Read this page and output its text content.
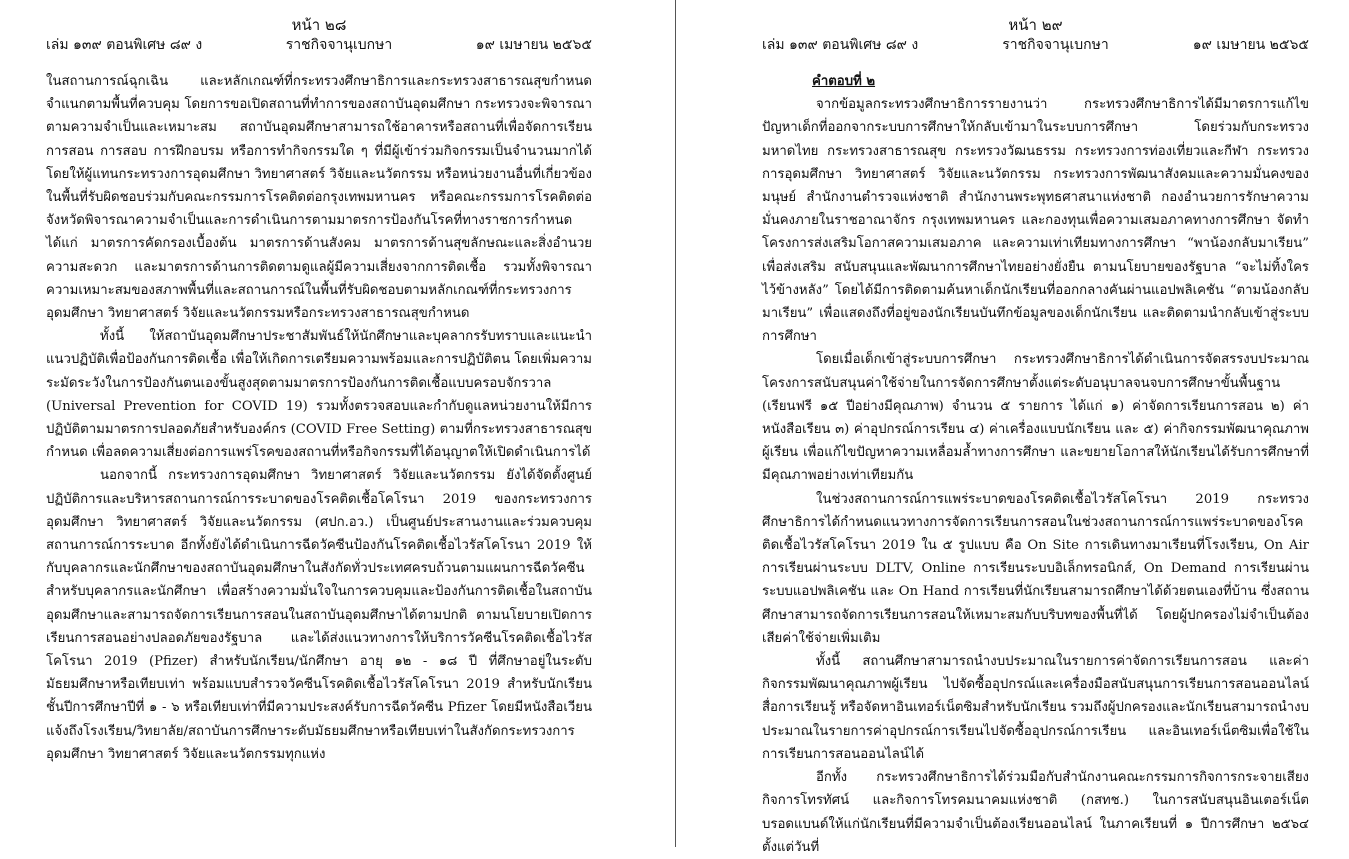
หน้า ๒๘
เล่ม ๑๓๙ ตอนพิเศษ ๘๙ ง	ราชกิจจานุเบกษา	๑๙ เมษายน ๒๕๖๕

ในสถานการณ์ฉุกเฉิน และหลักเกณฑ์ที่กระทรวงศึกษาธิการและกระทรวงสาธารณสุขกำหนด จำแนกตามพื้นที่ควบคุม โดยการขอเปิดสถานที่ทำการของสถาบันอุดมศึกษา กระทรวงจะพิจารณาตามความจำเป็นและเหมาะสม สถาบันอุดมศึกษาสามารถใช้อาคารหรือสถานที่เพื่อจัดการเรียนการสอน การสอบ การฝึกอบรม หรือการทำกิจกรรมใด ๆ ที่มีผู้เข้าร่วมกิจกรรมเป็นจำนวนมากได้ โดยให้ผู้แทนกระทรวงการอุดมศึกษา วิทยาศาสตร์ วิจัยและนวัตกรรม หรือหน่วยงานอื่นที่เกี่ยวข้องในพื้นที่รับผิดชอบร่วมกับคณะกรรมการโรคติดต่อกรุงเทพมหานคร หรือคณะกรรมการโรคติดต่อจังหวัดพิจารณาความจำเป็นและการดำเนินการตามมาตรการป้องกันโรคที่ทางราชการกำหนด ได้แก่ มาตรการคัดกรองเบื้องต้น มาตรการด้านสังคม มาตรการด้านสุขลักษณะและสิ่งอำนวยความสะดวก และมาตรการด้านการติดตามดูแลผู้มีความเสี่ยงจากการติดเชื้อ รวมทั้งพิจารณาความเหมาะสมของสภาพพื้นที่และสถานการณ์ในพื้นที่รับผิดชอบตามหลักเกณฑ์ที่กระทรวงการอุดมศึกษา วิทยาศาสตร์ วิจัยและนวัตกรรมหรือกระทรวงสาธารณสุขกำหนด

ทั้งนี้ ให้สถาบันอุดมศึกษาประชาสัมพันธ์ให้นักศึกษาและบุคลากรรับทราบและแนะนำแนวปฏิบัติเพื่อป้องกันการติดเชื้อ เพื่อให้เกิดการเตรียมความพร้อมและการปฏิบัติตน โดยเพิ่มความระมัดระวังในการป้องกันตนเองขั้นสูงสุดตามมาตรการป้องกันการติดเชื้อแบบครอบจักรวาล (Universal Prevention for COVID 19) รวมทั้งตรวจสอบและกำกับดูแลหน่วยงานให้มีการปฏิบัติตามมาตรการปลอดภัยสำหรับองค์กร (COVID Free Setting) ตามที่กระทรวงสาธารณสุขกำหนด เพื่อลดความเสี่ยงต่อการแพร่โรคของสถานที่หรือกิจกรรมที่ได้อนุญาตให้เปิดดำเนินการได้

นอกจากนี้ กระทรวงการอุดมศึกษา วิทยาศาสตร์ วิจัยและนวัตกรรม ยังได้จัดตั้งศูนย์ปฏิบัติการและบริหารสถานการณ์การระบาดของโรคติดเชื้อโคโรนา 2019 ของกระทรวงการอุดมศึกษา วิทยาศาสตร์ วิจัยและนวัตกรรม (ศปก.อว.) เป็นศูนย์ประสานงานและร่วมควบคุมสถานการณ์การระบาด อีกทั้งยังได้ดำเนินการฉีดวัคซีนป้องกันโรคติดเชื้อไวรัสโคโรนา 2019 ให้กับบุคลากรและนักศึกษาของสถาบันอุดมศึกษาในสังกัดทั่วประเทศครบถ้วนตามแผนการฉีดวัคซีนสำหรับบุคลากรและนักศึกษา เพื่อสร้างความมั่นใจในการควบคุมและป้องกันการติดเชื้อในสถาบันอุดมศึกษาและสามารถจัดการเรียนการสอนในสถาบันอุดมศึกษาได้ตามปกติ ตามนโยบายเปิดการเรียนการสอนอย่างปลอดภัยของรัฐบาล และได้ส่งแนวทางการให้บริการวัคซีนโรคติดเชื้อไวรัสโคโรนา 2019 (Pfizer) สำหรับนักเรียน/นักศึกษา อายุ ๑๒ - ๑๘ ปี ที่ศึกษาอยู่ในระดับมัธยมศึกษาหรือเทียบเท่า พร้อมแบบสำรวจวัคซีนโรคติดเชื้อไวรัสโคโรนา 2019 สำหรับนักเรียนชั้นปีการศึกษาปีที่ ๑ - ๖ หรือเทียบเท่าที่มีความประสงค์รับการฉีดวัคซีน Pfizer โดยมีหนังสือเวียนแจ้งถึงโรงเรียน/วิทยาลัย/สถาบันการศึกษาระดับมัธยมศึกษาหรือเทียบเท่าในสังกัดกระทรวงการอุดมศึกษา วิทยาศาสตร์ วิจัยและนวัตกรรมทุกแห่ง

หน้า ๒๙
เล่ม ๑๓๙ ตอนพิเศษ ๘๙ ง	ราชกิจจานุเบกษา	๑๙ เมษายน ๒๕๖๕

คำตอบที่ ๒

จากข้อมูลกระทรวงศึกษาธิการรายงานว่า กระทรวงศึกษาธิการได้มีมาตรการแก้ไขปัญหาเด็กที่ออกจากระบบการศึกษาให้กลับเข้ามาในระบบการศึกษา โดยร่วมกับกระทรวงมหาดไทย กระทรวงสาธารณสุข กระทรวงวัฒนธรรม กระทรวงการท่องเที่ยวและกีฬา กระทรวงการอุดมศึกษา วิทยาศาสตร์ วิจัยและนวัตกรรม กระทรวงการพัฒนาสังคมและความมั่นคงของมนุษย์ สำนักงานตำรวจแห่งชาติ สำนักงานพระพุทธศาสนาแห่งชาติ กองอำนวยการรักษาความมั่นคงภายในราชอาณาจักร กรุงเทพมหานคร และกองทุนเพื่อความเสมอภาคทางการศึกษา จัดทำโครงการส่งเสริมโอกาสความเสมอภาค และความเท่าเทียมทางการศึกษา “พาน้องกลับมาเรียน” เพื่อส่งเสริม สนับสนุนและพัฒนาการศึกษาไทยอย่างยั่งยืน ตามนโยบายของรัฐบาล “จะไม่ทิ้งใคร ไว้ข้างหลัง” โดยได้มีการติดตามค้นหาเด็กนักเรียนที่ออกกลางคันผ่านแอปพลิเคชัน “ตามน้องกลับมาเรียน” เพื่อแสดงถึงที่อยู่ของนักเรียนบันทึกข้อมูลของเด็กนักเรียน และติดตามนำกลับเข้าสู่ระบบการศึกษา

โดยเมื่อเด็กเข้าสู่ระบบการศึกษา กระทรวงศึกษาธิการได้ดำเนินการจัดสรรงบประมาณโครงการสนับสนุนค่าใช้จ่ายในการจัดการศึกษาตั้งแต่ระดับอนุบาลจนจบการศึกษาขั้นพื้นฐาน (เรียนฟรี ๑๕ ปีอย่างมีคุณภาพ) จำนวน ๕ รายการ ได้แก่ ๑) ค่าจัดการเรียนการสอน ๒) ค่าหนังสือเรียน ๓) ค่าอุปกรณ์การเรียน ๔) ค่าเครื่องแบบนักเรียน และ ๕) ค่ากิจกรรมพัฒนาคุณภาพผู้เรียน เพื่อแก้ไขปัญหาความเหลื่อมล้ำทางการศึกษา และขยายโอกาสให้นักเรียนได้รับการศึกษาที่มีคุณภาพอย่างเท่าเทียมกัน

ในช่วงสถานการณ์การแพร่ระบาดของโรคติดเชื้อไวรัสโคโรนา 2019 กระทรวงศึกษาธิการได้กำหนดแนวทางการจัดการเรียนการสอนในช่วงสถานการณ์การแพร่ระบาดของโรคติดเชื้อไวรัสโคโรนา 2019 ใน ๕ รูปแบบ คือ On Site การเดินทางมาเรียนที่โรงเรียน, On Air การเรียนผ่านระบบ DLTV, Online การเรียนระบบอิเล็กทรอนิกส์, On Demand การเรียนผ่านระบบแอปพลิเคชัน และ On Hand การเรียนที่นักเรียนสามารถศึกษาได้ด้วยตนเองที่บ้าน ซึ่งสถานศึกษาสามารถจัดการเรียนการสอนให้เหมาะสมกับบริบทของพื้นที่ได้ โดยผู้ปกครองไม่จำเป็นต้องเสียค่าใช้จ่ายเพิ่มเติม

ทั้งนี้ สถานศึกษาสามารถนำงบประมาณในรายการค่าจัดการเรียนการสอน และค่ากิจกรรมพัฒนาคุณภาพผู้เรียน ไปจัดซื้ออุปกรณ์และเครื่องมือสนับสนุนการเรียนการสอนออนไลน์ สื่อการเรียนรู้ หรือจัดหาอินเทอร์เน็ตซิมสำหรับนักเรียน รวมถึงผู้ปกครองและนักเรียนสามารถนำงบประมาณในรายการค่าอุปกรณ์การเรียนไปจัดซื้ออุปกรณ์การเรียน และอินเทอร์เน็ตซิมเพื่อใช้ในการเรียนการสอนออนไลน์ได้

อีกทั้ง กระทรวงศึกษาธิการได้ร่วมมือกับสำนักงานคณะกรรมการกิจการกระจายเสียง กิจการโทรทัศน์ และกิจการโทรคมนาคมแห่งชาติ (กสทช.) ในการสนับสนุนอินเตอร์เน็ตบรอดแบนด์ให้แก่นักเรียนที่มีความจำเป็นต้องเรียนออนไลน์ ในภาคเรียนที่ ๑ ปีการศึกษา ๒๕๖๔ ตั้งแต่วันที่
